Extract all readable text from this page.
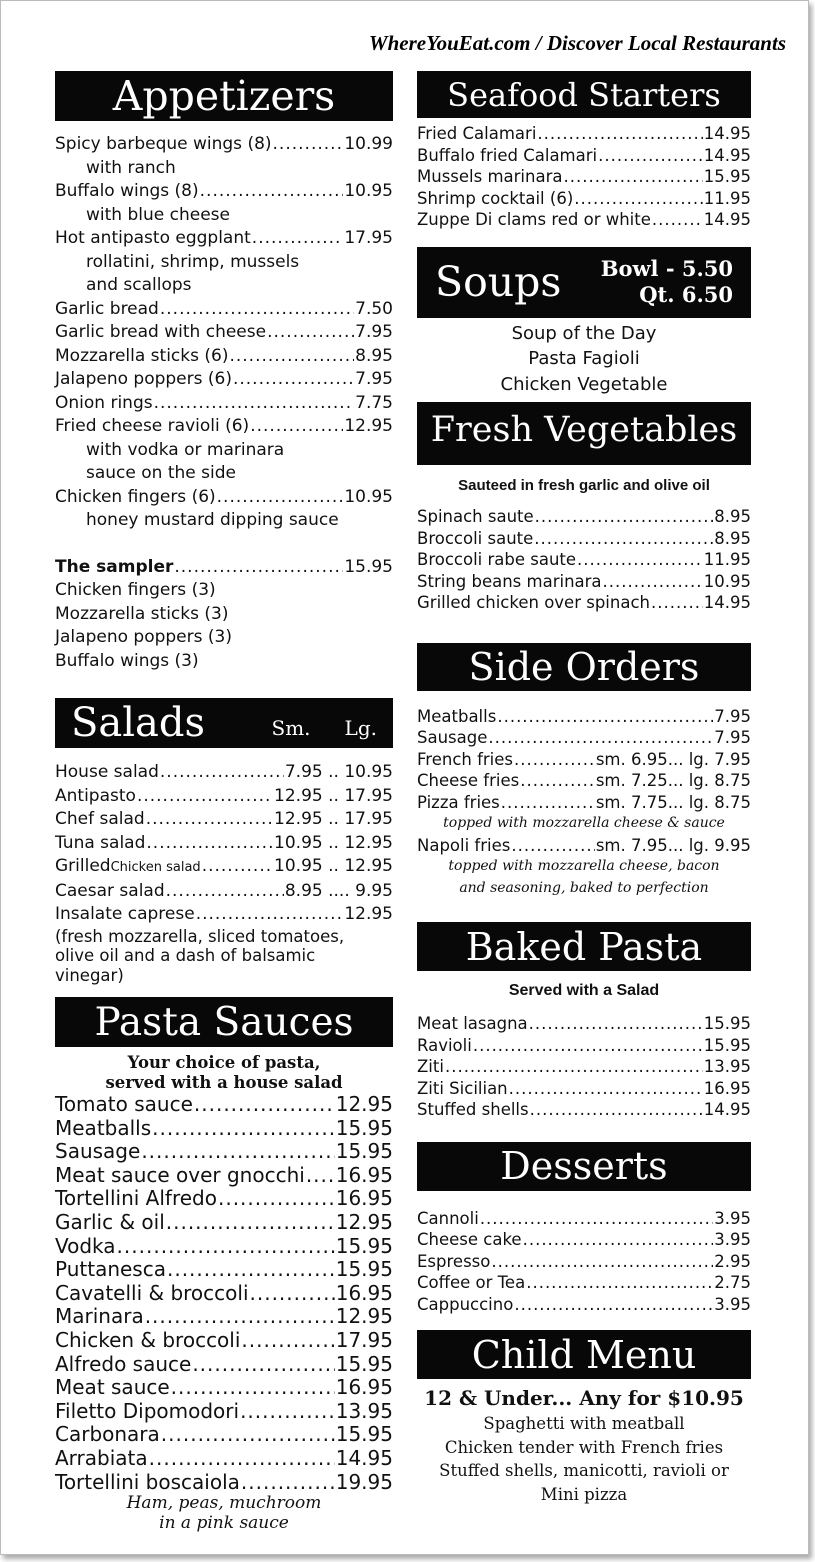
WhereYouEat.com / Discover Local Restaurants
Appetizers
Spicy barbeque wings (8) .....	10.99
with ranch
Buffalo wings (8) .....	10.95
with blue cheese
Hot antipasto eggplant .....	17.95
rollatini, shrimp, mussels
and scallops
Garlic bread .....	7.50
Garlic bread with cheese .....	7.95
Mozzarella sticks (6) .....	8.95
Jalapeno poppers (6) .....	7.95
Onion rings .....	7.75
Fried cheese ravioli (6) .....	12.95
with vodka or marinara
sauce on the side
Chicken fingers (6) .....	10.95
honey mustard dipping sauce
The sampler .....	15.95
Chicken fingers (3)
Mozzarella sticks (3)
Jalapeno poppers (3)
Buffalo wings (3)
Salads	Sm. Lg.
House salad .....	7.95 .. 10.95
Antipasto .....	12.95 .. 17.95
Chef salad .....	12.95 .. 17.95
Tuna salad .....	10.95 .. 12.95
Grilled Chicken salad .....	10.95 .. 12.95
Caesar salad .....	8.95 .... 9.95
Insalate caprese .....	12.95
(fresh mozzarella, sliced tomatoes,
olive oil and a dash of balsamic
vinegar)
Pasta Sauces
Your choice of pasta,
served with a house salad
Tomato sauce .....	12.95
Meatballs .....	15.95
Sausage .....	15.95
Meat sauce over gnocchi ..... 16.95
Tortellini Alfredo .....	16.95
Garlic & oil .....	12.95
Vodka .....	15.95
Puttanesca .....	15.95
Cavatelli & broccoli .....	16.95
Marinara .....	12.95
Chicken & broccoli .....	17.95
Alfredo sauce .....	15.95
Meat sauce .....	16.95
Filetto Dipomodori .....	13.95
Carbonara .....	15.95
Arrabiata .....	14.95
Tortellini boscaiola .....	19.95
Ham, peas, muchroom
in a pink sauce
Seafood Starters
Fried Calamari .....	14.95
Buffalo fried Calamari .....	14.95
Mussels marinara .....	15.95
Shrimp cocktail (6) .....	11.95
Zuppe Di clams red or white .....	14.95
Soups Bowl - 5.50
Qt. 6.50
Soup of the Day
Pasta Fagioli
Chicken Vegetable
Fresh Vegetables
Sauteed in fresh garlic and olive oil
Spinach saute .....	8.95
Broccoli saute .....	8.95
Broccoli rabe saute .....	11.95
String beans marinara .....	10.95
Grilled chicken over spinach .....	14.95
Side Orders
Meatballs .....	7.95
Sausage .....	7.95
French fries .....	sm. 6.95... lg. 7.95
Cheese fries .....	sm. 7.25... lg. 8.75
Pizza fries .....	sm. 7.75... lg. 8.75
topped with mozzarella cheese & sauce
Napoli fries .....	sm. 7.95... lg. 9.95
topped with mozzarella cheese, bacon
and seasoning, baked to perfection
Baked Pasta
Served with a Salad
Meat lasagna .....	15.95
Ravioli .....	15.95
Ziti .....	13.95
Ziti Sicilian .....	16.95
Stuffed shells .....	14.95
Desserts
Cannoli .....	3.95
Cheese cake .....	3.95
Espresso .....	2.95
Coffee or Tea .....	2.75
Cappuccino .....	3.95
Child Menu
12 & Under... Any for $10.95
Spaghetti with meatball
Chicken tender with French fries
Stuffed shells, manicotti, ravioli or
Mini pizza
